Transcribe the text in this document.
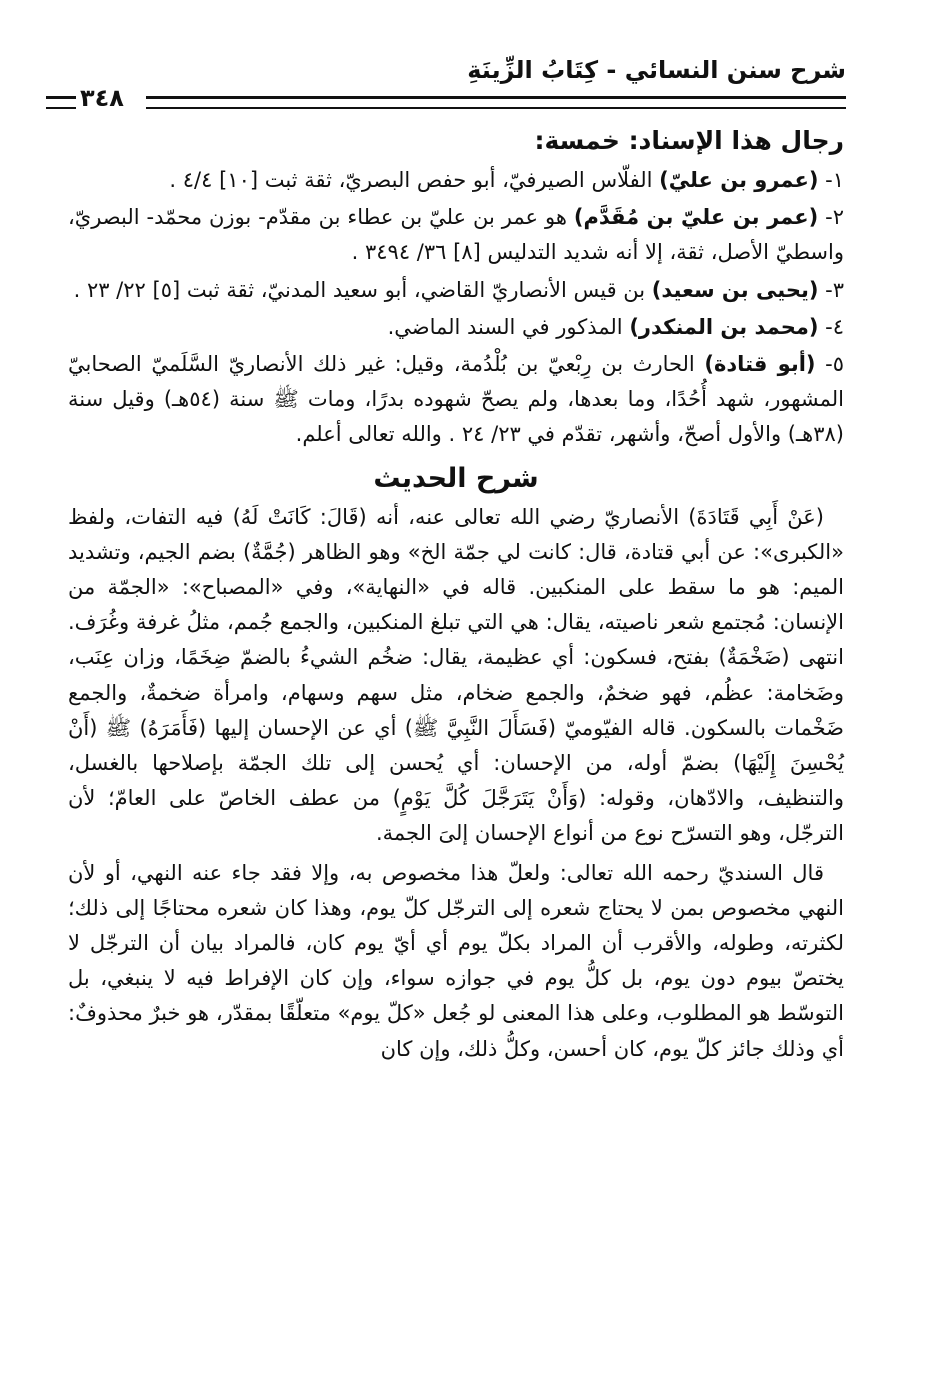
شرح سنن النسائي - كِتَابُ الزِّينَةِ
٣٤٨
رجال هذا الإسناد: خمسة:

١- (عمرو بن عليّ) الفلّاس الصيرفيّ، أبو حفص البصريّ، ثقة ثبت [١٠] ٤/٤ .

٢- (عمر بن عليّ بن مُقَدَّم) هو عمر بن عليّ بن عطاء بن مقدّم- بوزن محمّد- البصريّ، واسطيّ الأصل، ثقة، إلا أنه شديد التدليس [٨] ٣٦/ ٣٤٩٤ .

٣- (يحيى بن سعيد) بن قيس الأنصاريّ القاضي، أبو سعيد المدنيّ، ثقة ثبت [٥] ٢٢/ ٢٣ .

٤- (محمد بن المنكدر) المذكور في السند الماضي.

٥- (أبو قتادة) الحارث بن رِبْعيّ بن بُلْدُمة، وقيل: غير ذلك الأنصاريّ السَّلَميّ الصحابيّ المشهور، شهد أُحُدًا، وما بعدها، ولم يصحّ شهوده بدرًا، ومات ﷺ سنة (٥٤هـ) وقيل سنة (٣٨هـ) والأول أصحّ، وأشهر، تقدّم في ٢٣/ ٢٤ . والله تعالى أعلم.

شرح الحديث

(عَنْ أَبِي قَتَادَةَ) الأنصاريّ رضي الله تعالى عنه، أنه (قَالَ: كَانَتْ لَهُ) فيه التفات، ولفظ «الكبرى»: عن أبي قتادة، قال: كانت لي جمّة الخ» وهو الظاهر (جُمَّةٌ) بضم الجيم، وتشديد الميم: هو ما سقط على المنكبين. قاله في «النهاية»، وفي «المصباح»: «الجمّة من الإنسان: مُجتمع شعر ناصيته، يقال: هي التي تبلغ المنكبين، والجمع جُمم، مثلُ غرفة وغُرَف. انتهى (ضَخْمَةٌ) بفتح، فسكون: أي عظيمة، يقال: ضخُم الشيءُ بالضمّ ضِخَمًا، وزان عِنَب، وضَخامة: عظُم، فهو ضخمٌ، والجمع ضخام، مثل سهم وسهام، وامرأة ضخمةٌ، والجمع ضَخْمات بالسكون. قاله الفيّوميّ (فَسَأَلَ النَّبِيَّ ﷺ) أي عن الإحسان إليها (فَأَمَرَهُ) ﷺ (أَنْ يُحْسِنَ إِلَيْهَا) بضمّ أوله، من الإحسان: أي يُحسن إلى تلك الجمّة بإصلاحها بالغسل، والتنظيف، والادّهان، وقوله: (وَأَنْ يَتَرَجَّلَ كُلَّ يَوْمٍ) من عطف الخاصّ على العامّ؛ لأن الترجّل، وهو التسرّح نوع من أنواع الإحسان إلىَ الجمة.

قال السنديّ رحمه الله تعالى: ولعلّ هذا مخصوص به، وإلا فقد جاء عنه النهي، أو لأن النهي مخصوص بمن لا يحتاج شعره إلى الترجّل كلّ يوم، وهذا كان شعره محتاجًا إلى ذلك؛ لكثرته، وطوله، والأقرب أن المراد بكلّ يوم أي أيّ يوم كان، فالمراد بيان أن الترجّل لا يختصّ بيوم دون يوم، بل كلُّ يوم في جوازه سواء، وإن كان الإفراط فيه لا ينبغي، بل التوسّط هو المطلوب، وعلى هذا المعنى لو جُعل «كلّ يوم» متعلّقًا بمقدّر، هو خبرٌ محذوفٌ: أي وذلك جائز كلّ يوم، كان أحسن، وكلُّ ذلك، وإن كان
